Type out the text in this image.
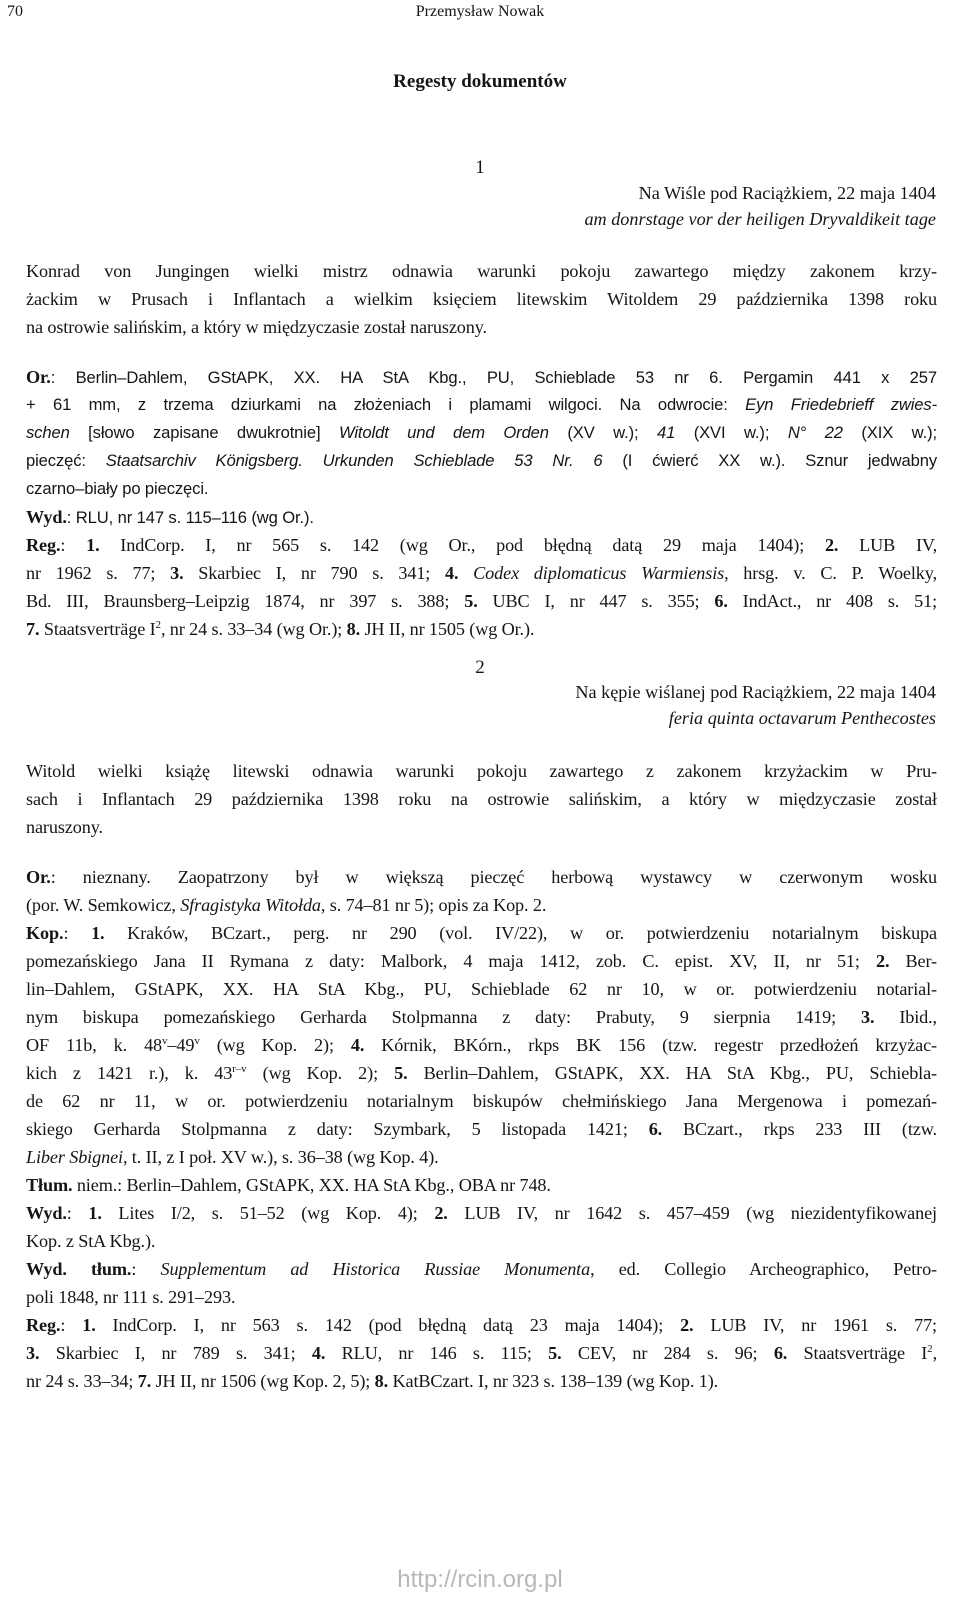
70	Przemysław Nowak
Regesty dokumentów
1
Na Wiśle pod Raciążkiem, 22 maja 1404
am donrstage vor der heiligen Dryvaldikeit tage
Konrad von Jungingen wielki mistrz odnawia warunki pokoju zawartego między zakonem krzy-
żackim w Prusach i Inflantach a wielkim księciem litewskim Witoldem 29 października 1398 roku
na ostrowie salińskim, a który w międzyczasie został naruszony.
Or.: Berlin–Dahlem, GStAPK, XX. HA StA Kbg., PU, Schieblade 53 nr 6. Pergamin 441 x 257
+ 61 mm, z trzema dziurkami na złożeniach i plamami wilgoci. Na odwrocie: Eyn Friedebrieff zwies-
schen [słowo zapisane dwukrotnie] Witoldt und dem Orden (XV w.); 41 (XVI w.); N° 22 (XIX w.);
pieczęć: Staatsarchiv Königsberg. Urkunden Schieblade 53 Nr. 6 (I ćwierć XX w.). Sznur jedwabny
czarno–biały po pieczęci.
Wyd.: RLU, nr 147 s. 115–116 (wg Or.).
Reg.: 1. IndCorp. I, nr 565 s. 142 (wg Or., pod błędną datą 29 maja 1404); 2. LUB IV,
nr 1962 s. 77; 3. Skarbiec I, nr 790 s. 341; 4. Codex diplomaticus Warmiensis, hrsg. v. C. P. Woelky,
Bd. III, Braunsberg–Leipzig 1874, nr 397 s. 388; 5. UBC I, nr 447 s. 355; 6. IndAct., nr 408 s. 51;
7. Staatsverträge $I^2$, nr 24 s. 33–34 (wg Or.); 8. JH II, nr 1505 (wg Or.).
2
Na kępie wiślanej pod Raciążkiem, 22 maja 1404
feria quinta octavarum Penthecostes
Witold wielki książę litewski odnawia warunki pokoju zawartego z zakonem krzyżackim w Pru-
sach i Inflantach 29 października 1398 roku na ostrowie salińskim, a który w międzyczasie został
naruszony.
Or.: nieznany. Zaopatrzony był w większą pieczęć herbową wystawcy w czerwonym wosku
(por. W. Semkowicz, Sfragistyka Witołda, s. 74–81 nr 5); opis za Kop. 2.
Kop.: 1. Kraków, BCzart., perg. nr 290 (vol. IV/22), w or. potwierdzeniu notarialnym biskupa
pomezańskiego Jana II Rymana z daty: Malbork, 4 maja 1412, zob. C. epist. XV, II, nr 51; 2. Ber-
lin–Dahlem, GStAPK, XX. HA StA Kbg., PU, Schieblade 62 nr 10, w or. potwierdzeniu notarial-
nym biskupa pomezańskiego Gerharda Stolpmanna z daty: Prabuty, 9 sierpnia 1419; 3. Ibid.,
OF 11b, k. 48$^v$–49$^v$ (wg Kop. 2); 4. Kórnik, BKórn., rkps BK 156 (tzw. regestr przedłożeń krzyżac-
kich z 1421 r.), k. 43$^{r-v}$ (wg Kop. 2); 5. Berlin–Dahlem, GStAPK, XX. HA StA Kbg., PU, Schiebla-
de 62 nr 11, w or. potwierdzeniu notarialnym biskupów chełmińskiego Jana Mergenowa i pomezań-
skiego Gerharda Stolpmanna z daty: Szymbark, 5 listopada 1421; 6. BCzart., rkps 233 III (tzw.
Liber Sbignei, t. II, z I poł. XV w.), s. 36–38 (wg Kop. 4).
Tłum. niem.: Berlin–Dahlem, GStAPK, XX. HA StA Kbg., OBA nr 748.
Wyd.: 1. Lites I/2, s. 51–52 (wg Kop. 4); 2. LUB IV, nr 1642 s. 457–459 (wg niezidentyfikowanej
Kop. z StA Kbg.).
Wyd. tłum.: Supplementum ad Historica Russiae Monumenta, ed. Collegio Archeographico, Petro-
poli 1848, nr 111 s. 291–293.
Reg.: 1. IndCorp. I, nr 563 s. 142 (pod błędną datą 23 maja 1404); 2. LUB IV, nr 1961 s. 77;
3. Skarbiec I, nr 789 s. 341; 4. RLU, nr 146 s. 115; 5. CEV, nr 284 s. 96; 6. Staatsverträge $I^2$,
nr 24 s. 33–34; 7. JH II, nr 1506 (wg Kop. 2, 5); 8. KatBCzart. I, nr 323 s. 138–139 (wg Kop. 1).
http://rcin.org.pl
